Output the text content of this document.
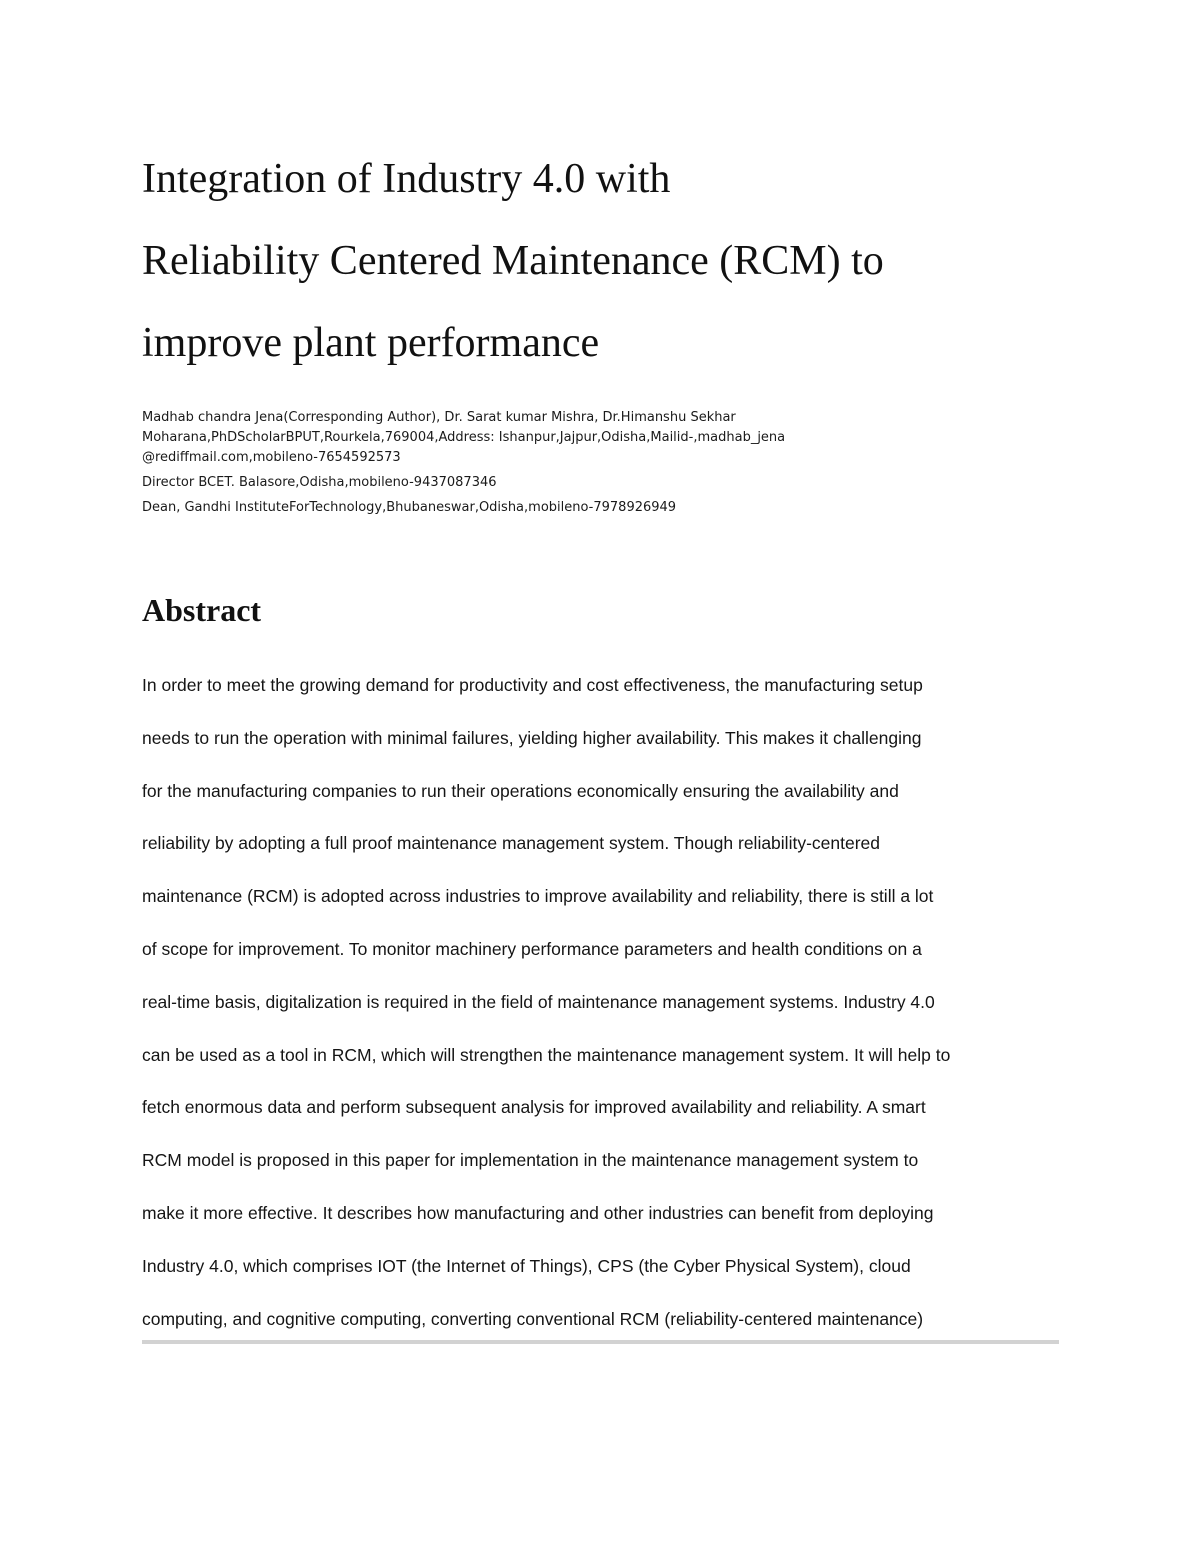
Integration of Industry 4.0 with
Reliability Centered Maintenance (RCM) to
improve plant performance
Madhab chandra Jena(Corresponding Author), Dr. Sarat kumar Mishra, Dr.Himanshu Sekhar
Moharana,PhDScholarBPUT,Rourkela,769004,Address: Ishanpur,Jajpur,Odisha,Mailid-,madhab_jena
@rediffmail.com,mobileno-7654592573
Director BCET. Balasore,Odisha,mobileno-9437087346
Dean, Gandhi InstituteForTechnology,Bhubaneswar,Odisha,mobileno-7978926949
Abstract
In order to meet the growing demand for productivity and cost effectiveness, the manufacturing setup
needs to run the operation with minimal failures, yielding higher availability. This makes it challenging
for the manufacturing companies to run their operations economically ensuring the availability and
reliability by adopting a full proof maintenance management system. Though reliability-centered
maintenance (RCM) is adopted across industries to improve availability and reliability, there is still a lot
of scope for improvement. To monitor machinery performance parameters and health conditions on a
real-time basis, digitalization is required in the field of maintenance management systems. Industry 4.0
can be used as a tool in RCM, which will strengthen the maintenance management system. It will help to
fetch enormous data and perform subsequent analysis for improved availability and reliability. A smart
RCM model is proposed in this paper for implementation in the maintenance management system to
make it more effective. It describes how manufacturing and other industries can benefit from deploying
Industry 4.0, which comprises IOT (the Internet of Things), CPS (the Cyber Physical System), cloud
computing, and cognitive computing, converting conventional RCM (reliability-centered maintenance)
